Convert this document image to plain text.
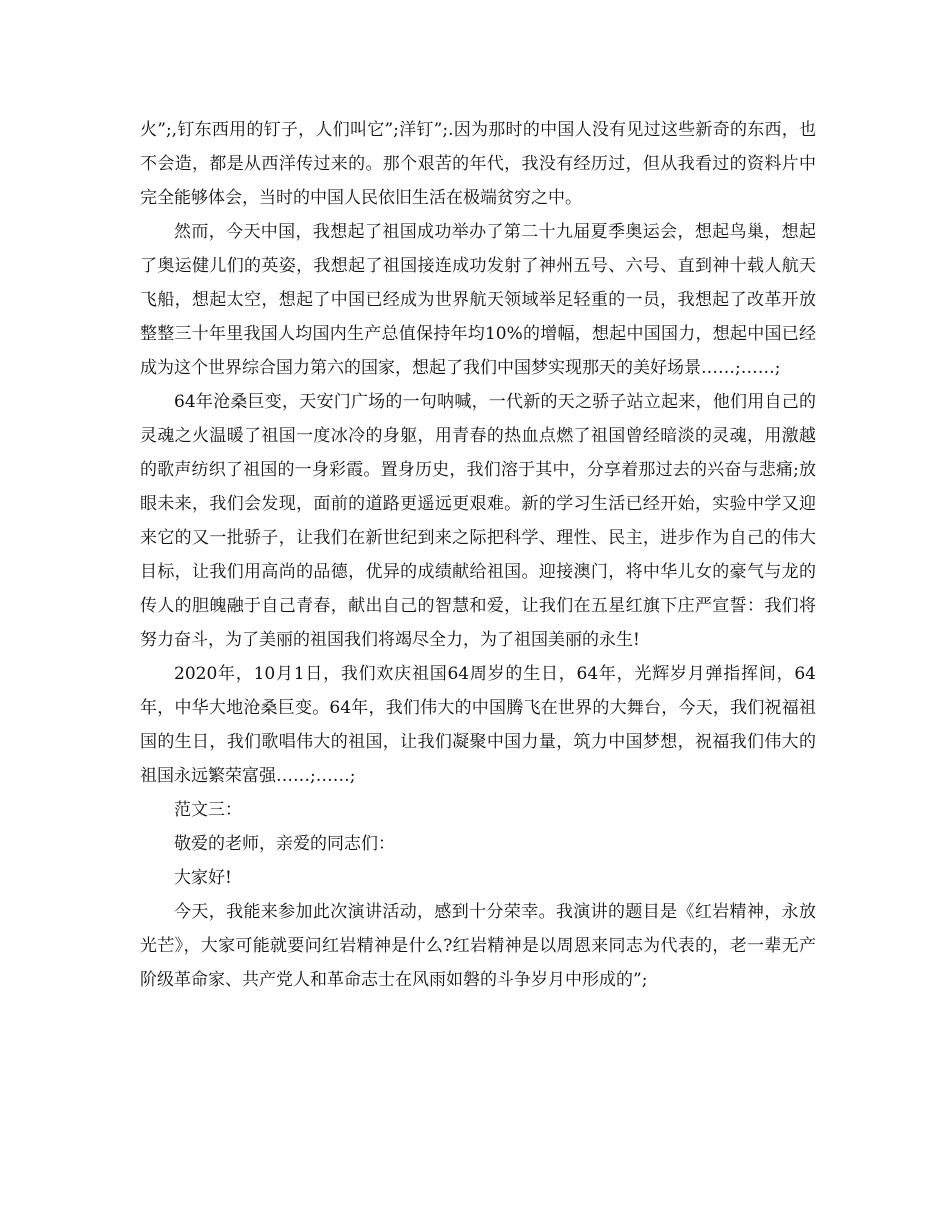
火”;,钉东西用的钉子，人们叫它”;洋钉”;.因为那时的中国人没有见过这些新奇的东西，也不会造，都是从西洋传过来的。那个艰苦的年代，我没有经历过，但从我看过的资料片中完全能够体会，当时的中国人民依旧生活在极端贫穷之中。

然而，今天中国，我想起了祖国成功举办了第二十九届夏季奥运会，想起鸟巢，想起了奥运健儿们的英姿，我想起了祖国接连成功发射了神州五号、六号、直到神十载人航天飞船，想起太空，想起了中国已经成为世界航天领域举足轻重的一员，我想起了改革开放整整三十年里我国人均国内生产总值保持年均10%的增幅，想起中国国力，想起中国已经成为这个世界综合国力第六的国家，想起了我们中国梦实现那天的美好场景……;……;

64年沧桑巨变，天安门广场的一句呐喊，一代新的天之骄子站立起来，他们用自己的灵魂之火温暖了祖国一度冰冷的身躯，用青春的热血点燃了祖国曾经暗淡的灵魂，用激越的歌声纺织了祖国的一身彩霞。置身历史，我们溶于其中，分享着那过去的兴奋与悲痛;放眼未来，我们会发现，面前的道路更遥远更艰难。新的学习生活已经开始，实验中学又迎来它的又一批骄子，让我们在新世纪到来之际把科学、理性、民主，进步作为自己的伟大目标，让我们用高尚的品德，优异的成绩献给祖国。迎接澳门，将中华儿女的豪气与龙的传人的胆魄融于自己青春，献出自己的智慧和爱，让我们在五星红旗下庄严宣誓：我们将努力奋斗，为了美丽的祖国我们将竭尽全力，为了祖国美丽的永生!

2020年，10月1日，我们欢庆祖国64周岁的生日，64年，光辉岁月弹指挥间，64年，中华大地沧桑巨变。64年，我们伟大的中国腾飞在世界的大舞台，今天，我们祝福祖国的生日，我们歌唱伟大的祖国，让我们凝聚中国力量，筑力中国梦想，祝福我们伟大的祖国永远繁荣富强……;……;

范文三：

敬爱的老师，亲爱的同志们：

大家好!

今天，我能来参加此次演讲活动，感到十分荣幸。我演讲的题目是《红岩精神，永放光芒》，大家可能就要问红岩精神是什么?红岩精神是以周恩来同志为代表的，老一辈无产阶级革命家、共产党人和革命志士在风雨如磐的斗争岁月中形成的”;
